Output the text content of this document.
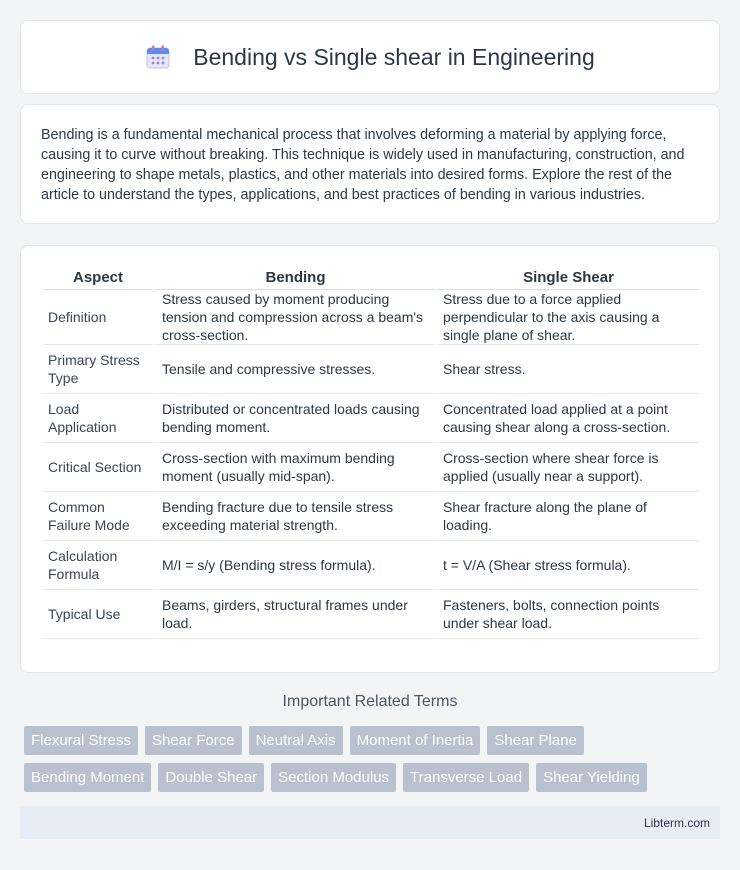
Bending vs Single shear in Engineering

Bending is a fundamental mechanical process that involves deforming a material by applying force, causing it to curve without breaking. This technique is widely used in manufacturing, construction, and engineering to shape metals, plastics, and other materials into desired forms. Explore the rest of the article to understand the types, applications, and best practices of bending in various industries.

Aspect	Bending	Single Shear
Definition	Stress caused by moment producing tension and compression across a beam's cross-section.	Stress due to a force applied perpendicular to the axis causing a single plane of shear.
Primary Stress Type	Tensile and compressive stresses.	Shear stress.
Load Application	Distributed or concentrated loads causing bending moment.	Concentrated load applied at a point causing shear along a cross-section.
Critical Section	Cross-section with maximum bending moment (usually mid-span).	Cross-section where shear force is applied (usually near a support).
Common Failure Mode	Bending fracture due to tensile stress exceeding material strength.	Shear fracture along the plane of loading.
Calculation Formula	M/I = s/y (Bending stress formula).	t = V/A (Shear stress formula).
Typical Use	Beams, girders, structural frames under load.	Fasteners, bolts, connection points under shear load.
Important Related Terms
Flexural Stress	Shear Force	Neutral Axis	Moment of Inertia	Shear Plane
Bending Moment	Double Shear	Section Modulus	Transverse Load	Shear Yielding
Libterm.com
